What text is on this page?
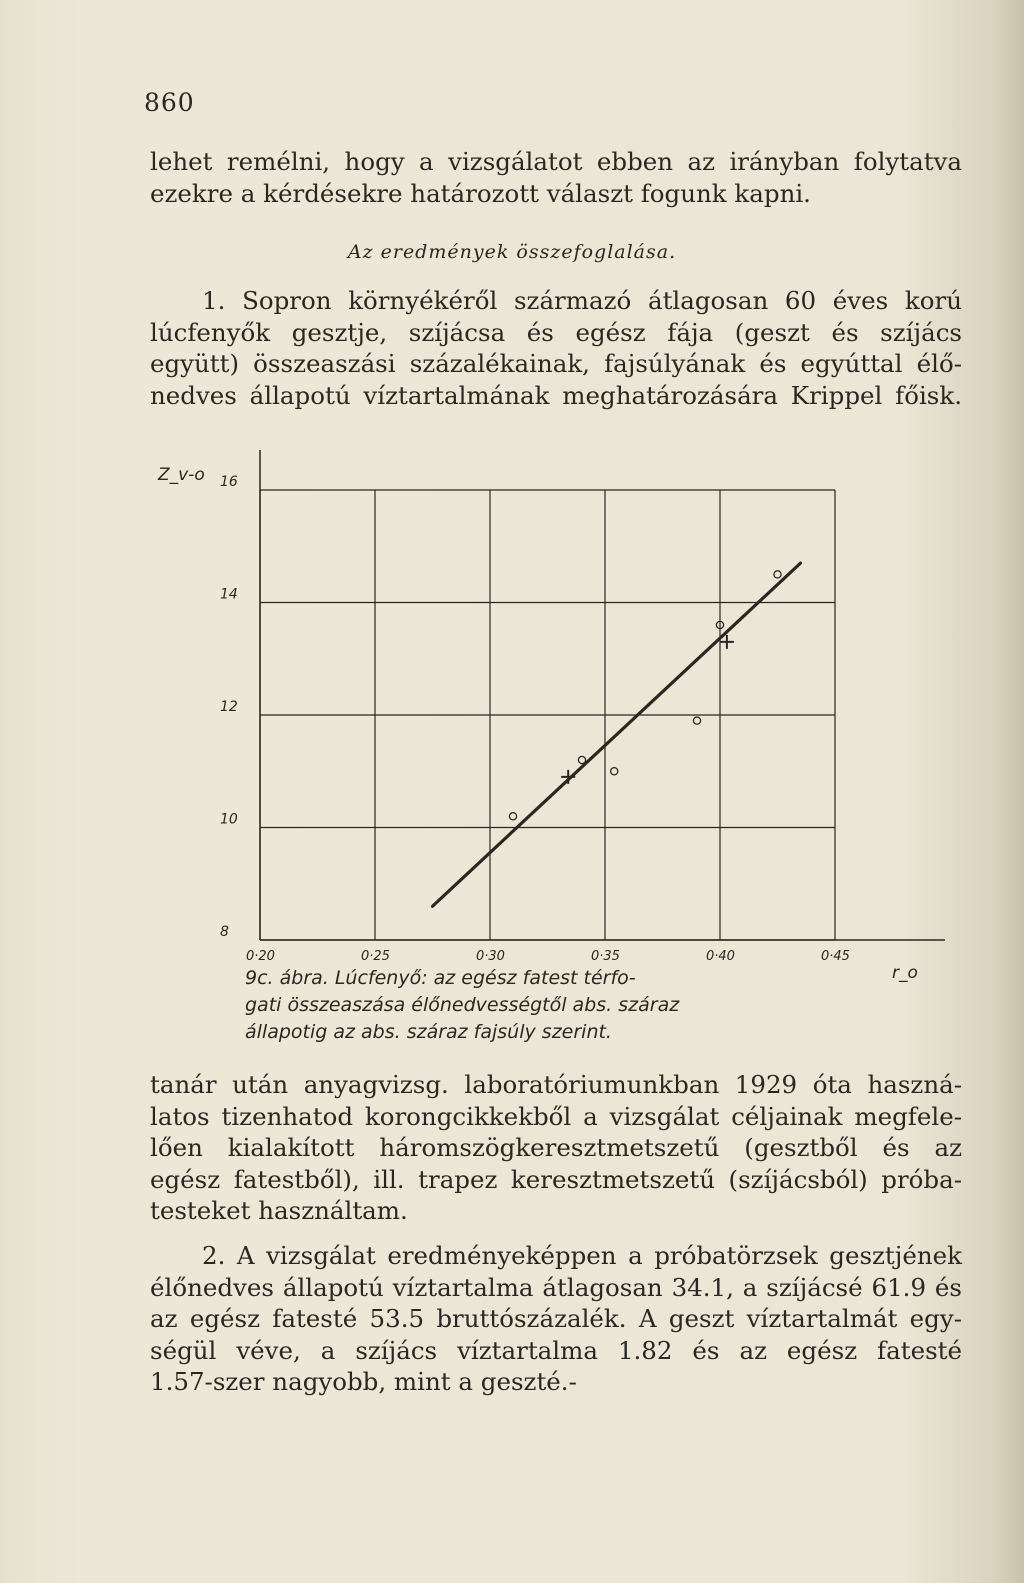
860

lehet remélni, hogy a vizsgálatot ebben az irányban folytatva
ezekre a kérdésekre határozott választ fogunk kapni.

Az eredmények összefoglalása.

1. Sopron környékéről származó átlagosan 60 éves korú
lúcfenyők gesztje, szíjácsa és egész fája (geszt és szíjács
együtt) összeaszási százalékainak, fajsúlyának és egyúttal élő-
nedves állapotú víztartalmának meghatározására Krippel főisk.

0·20	0·25	0·30	0·35	0·40	0·45
8
10
12
14
16
Z_v-o
r_o
9c. ábra. Lúcfenyő: az egész fatest térfo-
gati összeaszása élőnedvességtől abs. száraz
állapotig az abs. száraz fajsúly szerint.

tanár után anyagvizsg. laboratóriumunkban 1929 óta haszná-
latos tizenhatod korongcikkekből a vizsgálat céljainak megfele-
lően kialakított háromszögkeresztmetszetű (gesztből és az
egész fatestből), ill. trapez keresztmetszetű (szíjácsból) próba-
testeket használtam.

2. A vizsgálat eredményeképpen a próbatörzsek gesztjének
élőnedves állapotú víztartalma átlagosan 34.1, a szíjácsé 61.9 és
az egész fatesté 53.5 bruttószázalék. A geszt víztartalmát egy-
ségül véve, a szíjács víztartalma 1.82 és az egész fatesté
1.57-szer nagyobb, mint a geszté.-
